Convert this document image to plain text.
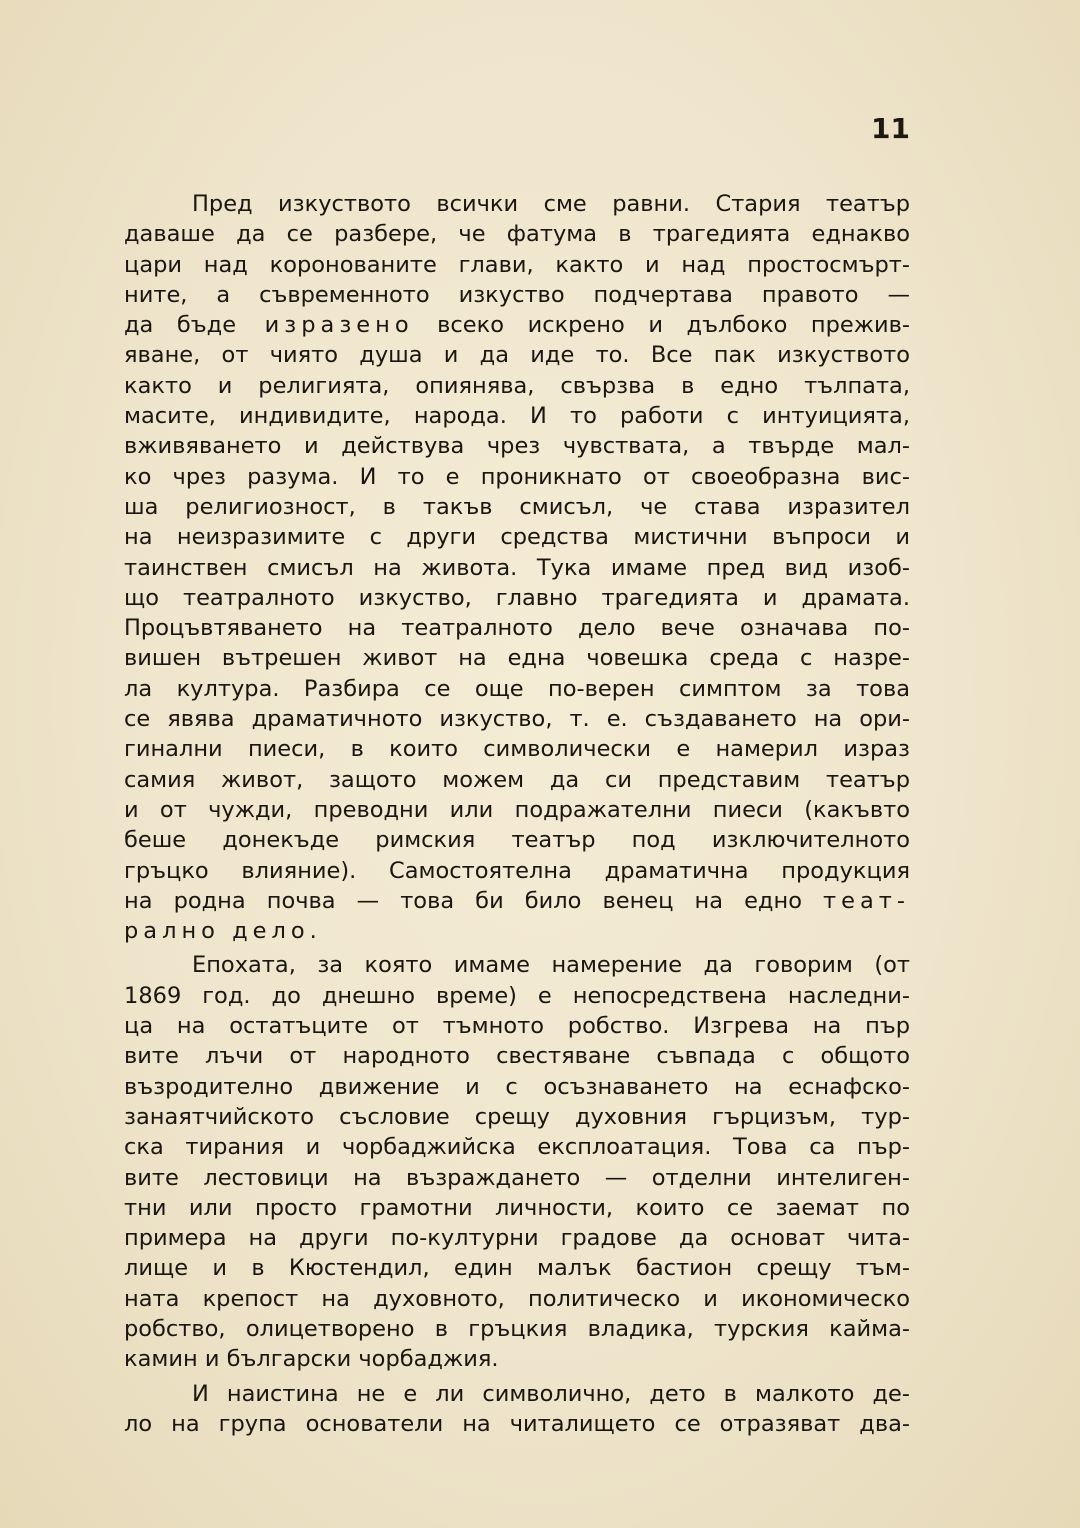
11
Пред изкуството всички сме равни. Стария театър
даваше да се разбере, че фатума в трагедията еднакво
цари над коронованите глави, както и над простосмърт-
ните, а съвременното изкуство подчертава правото —
да бъде изразено всеко искрено и дълбоко прежив-
яване, от чиято душа и да иде то. Все пак изкуството
както и религията, опиянява, свързва в едно тълпата,
масите, индивидите, народа. И то работи с интуицията,
вживяването и действува чрез чувствата, а твърде мал-
ко чрез разума. И то е проникнато от своеобразна вис-
ша религиозност, в такъв смисъл, че става изразител
на неизразимите с други средства мистични въпроси и
таинствен смисъл на живота. Тука имаме пред вид изоб-
що театралното изкуство, главно трагедията и драмата.
Процъвтяването на театралното дело вече означава по-
вишен вътрешен живот на една човешка среда с назре-
ла култура. Разбира се още по-верен симптом за това
се явява драматичното изкуство, т. е. създаването на ори-
гинални пиеси, в които символически е намерил израз
самия живот, защото можем да си представим театър
и от чужди, преводни или подражателни пиеси (какъвто
беше донекъде римския театър под изключителното
гръцко влияние). Самостоятелна драматична продукция
на родна почва — това би било венец на едно теат-
рално дело.
Епохата, за която имаме намерение да говорим (от
1869 год. до днешно време) е непосредствена наследни-
ца на остатъците от тъмното робство. Изгрева на пър
вите лъчи от народното свестяване съвпада с общото
възродително движение и с осъзнаването на еснафско-
занаятчийското съсловие срещу духовния гърцизъм, тур-
ска тирания и чорбаджийска експлоатация. Това са пър-
вите лестовици на възраждането — отделни интелиген-
тни или просто грамотни личности, които се заемат по
примера на други по-културни градове да основат чита-
лище и в Кюстендил, един малък бастион срещу тъм-
ната крепост на духовното, политическо и икономическо
робство, олицетворено в гръцкия владика, турския кайма-
камин и български чорбаджия.
И наистина не е ли символично, дето в малкото де-
ло на група основатели на читалището се отразяват два-
